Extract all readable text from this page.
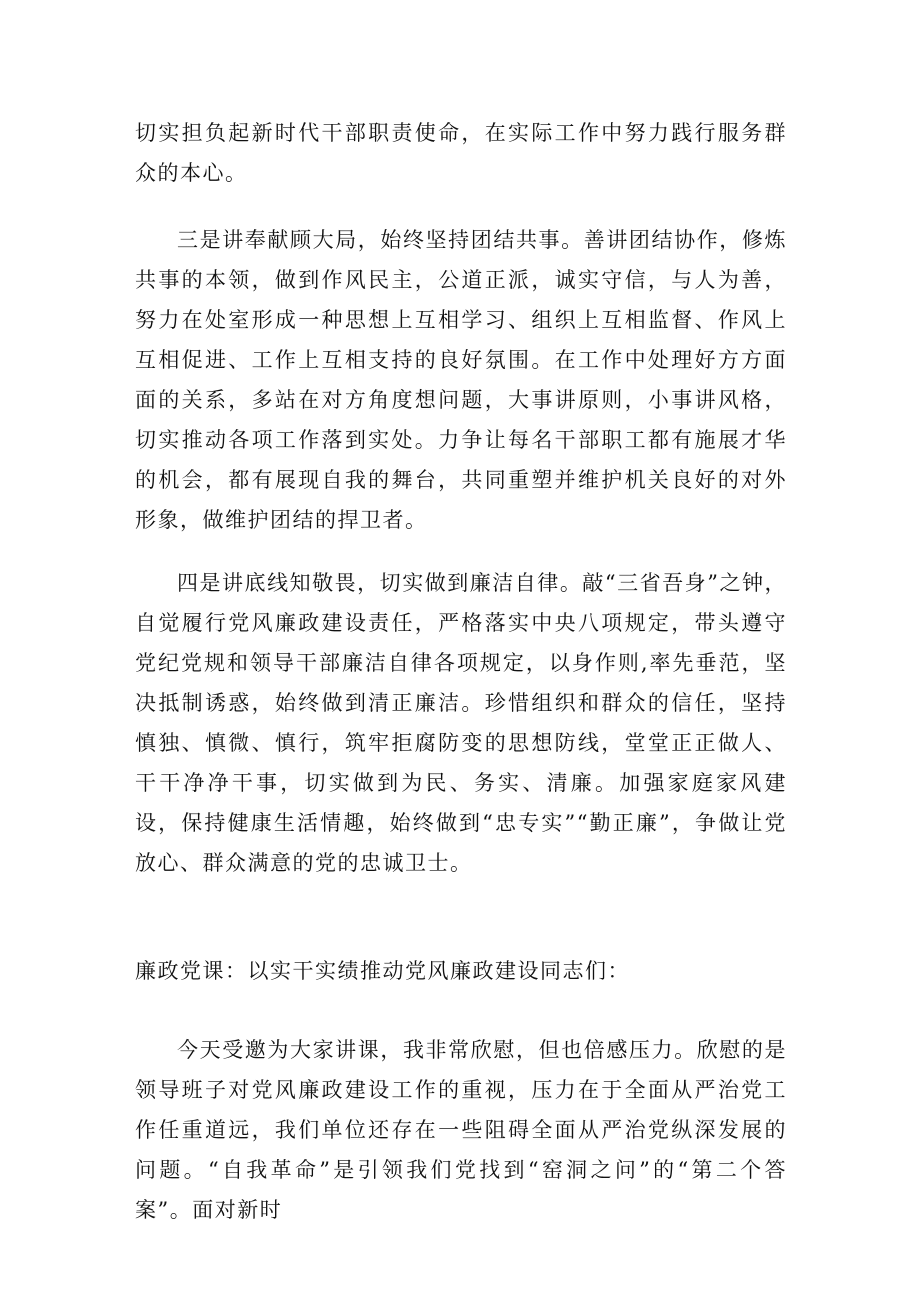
切实担负起新时代干部职责使命，在实际工作中努力践行服务群众的本心。

三是讲奉献顾大局，始终坚持团结共事。善讲团结协作，修炼共事的本领，做到作风民主，公道正派，诚实守信，与人为善，努力在处室形成一种思想上互相学习、组织上互相监督、作风上互相促进、工作上互相支持的良好氛围。在工作中处理好方方面面的关系，多站在对方角度想问题，大事讲原则，小事讲风格，切实推动各项工作落到实处。力争让每名干部职工都有施展才华的机会，都有展现自我的舞台，共同重塑并维护机关良好的对外形象，做维护团结的捍卫者。

四是讲底线知敬畏，切实做到廉洁自律。敲“三省吾身”之钟，自觉履行党风廉政建设责任，严格落实中央八项规定，带头遵守党纪党规和领导干部廉洁自律各项规定，以身作则,率先垂范，坚决抵制诱惑，始终做到清正廉洁。珍惜组织和群众的信任，坚持慎独、慎微、慎行，筑牢拒腐防变的思想防线，堂堂正正做人、干干净净干事，切实做到为民、务实、清廉。加强家庭家风建设，保持健康生活情趣，始终做到“忠专实”“勤正廉”，争做让党放心、群众满意的党的忠诚卫士。

廉政党课：以实干实绩推动党风廉政建设同志们：

今天受邀为大家讲课，我非常欣慰，但也倍感压力。欣慰的是领导班子对党风廉政建设工作的重视，压力在于全面从严治党工作任重道远，我们单位还存在一些阻碍全面从严治党纵深发展的问题。“自我革命”是引领我们党找到“窑洞之问”的“第二个答案”。面对新时
